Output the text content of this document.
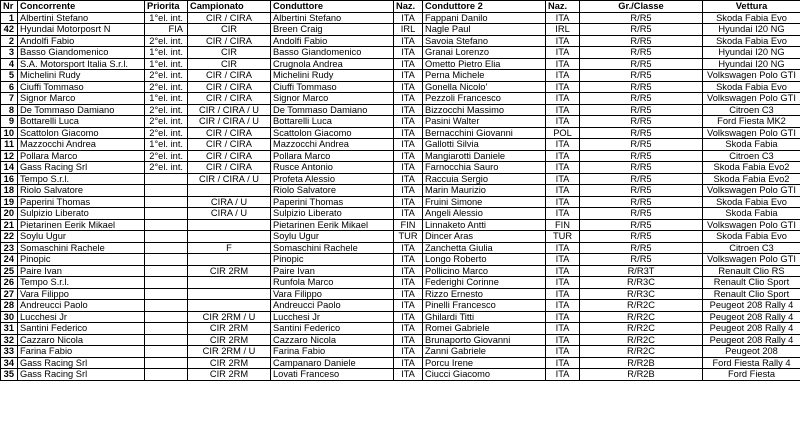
Nr	Concorrente	Priorita	Campionato	Conduttore	Naz.	Conduttore 2	Naz.	Gr./Classe	Vettura
1	Albertini Stefano	1°el. int.	CIR / CIRA	Albertini Stefano	ITA	Fappani Danilo	ITA	R/R5	Skoda Fabia Evo
42	Hyundai Motorposrt N	FIA	CIR	Breen Craig	IRL	Nagle Paul	IRL	R/R5	Hyundai I20 NG
2	Andolfi Fabio	2°el. int.	CIR / CIRA	Andolfi Fabio	ITA	Savoia Stefano	ITA	R/R5	Skoda Fabia Evo
3	Basso Giandomenico	1°el. int.	CIR	Basso Giandomenico	ITA	Granai Lorenzo	ITA	R/R5	Hyundai I20 NG
4	S.A. Motorsport Italia S.r.l.	1°el. int.	CIR	Crugnola Andrea	ITA	Ometto Pietro Elia	ITA	R/R5	Hyundai I20 NG
5	Michelini Rudy	2°el. int.	CIR / CIRA	Michelini Rudy	ITA	Perna Michele	ITA	R/R5	Volkswagen Polo GTI
6	Ciuffi Tommaso	2°el. int.	CIR / CIRA	Ciuffi Tommaso	ITA	Gonella Nicolo'	ITA	R/R5	Skoda Fabia Evo
7	Signor Marco	1°el. int.	CIR / CIRA	Signor Marco	ITA	Pezzoli Francesco	ITA	R/R5	Volkswagen Polo GTI
8	De Tommaso Damiano	2°el. int.	CIR / CIRA / U	De Tommaso Damiano	ITA	Bizzocchi Massimo	ITA	R/R5	Citroen C3
9	Bottarelli Luca	2°el. int.	CIR / CIRA / U	Bottarelli Luca	ITA	Pasini Walter	ITA	R/R5	Ford Fiesta MK2
10	Scattolon Giacomo	2°el. int.	CIR / CIRA	Scattolon Giacomo	ITA	Bernacchini Giovanni	POL	R/R5	Volkswagen Polo GTI
11	Mazzocchi Andrea	1°el. int.	CIR / CIRA	Mazzocchi Andrea	ITA	Gallotti Silvia	ITA	R/R5	Skoda Fabia
12	Pollara Marco	2°el. int.	CIR / CIRA	Pollara Marco	ITA	Mangiarotti Daniele	ITA	R/R5	Citroen C3
14	Gass Racing Srl	2°el. int.	CIR / CIRA	Rusce Antonio	ITA	Farnocchia Sauro	ITA	R/R5	Skoda Fabia Evo2
16	Tempo S.r.l.		CIR / CIRA / U	Profeta Alessio	ITA	Raccuia Sergio	ITA	R/R5	Skoda Fabia Evo2
18	Riolo Salvatore			Riolo Salvatore	ITA	Marin Maurizio	ITA	R/R5	Volkswagen Polo GTI
19	Paperini Thomas		CIRA / U	Paperini Thomas	ITA	Fruini Simone	ITA	R/R5	Skoda Fabia Evo
20	Sulpizio Liberato		CIRA / U	Sulpizio Liberato	ITA	Angeli Alessio	ITA	R/R5	Skoda Fabia
21	Pietarinen Eerik Mikael			Pietarinen Eerik Mikael	FIN	Linnaketo Antti	FIN	R/R5	Volkswagen Polo GTI
22	Soylu Ugur			Soylu Ugur	TUR	Dincer Aras	TUR	R/R5	Skoda Fabia Evo
23	Somaschini Rachele		F	Somaschini Rachele	ITA	Zanchetta Giulia	ITA	R/R5	Citroen C3
24	Pinopic			Pinopic	ITA	Longo Roberto	ITA	R/R5	Volkswagen Polo GTI
25	Paire Ivan		CIR 2RM	Paire Ivan	ITA	Pollicino Marco	ITA	R/R3T	Renault Clio RS
26	Tempo S.r.l.			Runfola Marco	ITA	Federighi Corinne	ITA	R/R3C	Renault Clio Sport
27	Vara Filippo			Vara Filippo	ITA	Rizzo Ernesto	ITA	R/R3C	Renault Clio Sport
28	Andreucci Paolo			Andreucci Paolo	ITA	Pinelli Francesco	ITA	R/R2C	Peugeot 208 Rally 4
30	Lucchesi Jr		CIR 2RM / U	Lucchesi Jr	ITA	Ghilardi Titti	ITA	R/R2C	Peugeot 208 Rally 4
31	Santini Federico		CIR 2RM	Santini Federico	ITA	Romei Gabriele	ITA	R/R2C	Peugeot 208 Rally 4
32	Cazzaro Nicola		CIR 2RM	Cazzaro Nicola	ITA	Brunaporto Giovanni	ITA	R/R2C	Peugeot 208 Rally 4
33	Farina Fabio		CIR 2RM / U	Farina Fabio	ITA	Zanni Gabriele	ITA	R/R2C	Peugeot 208
34	Gass Racing Srl		CIR 2RM	Campanaro Daniele	ITA	Porcu Irene	ITA	R/R2B	Ford Fiesta Rally 4
35	Gass Racing Srl		CIR 2RM	Lovati Franceso	ITA	Ciucci Giacomo	ITA	R/R2B	Ford Fiesta
